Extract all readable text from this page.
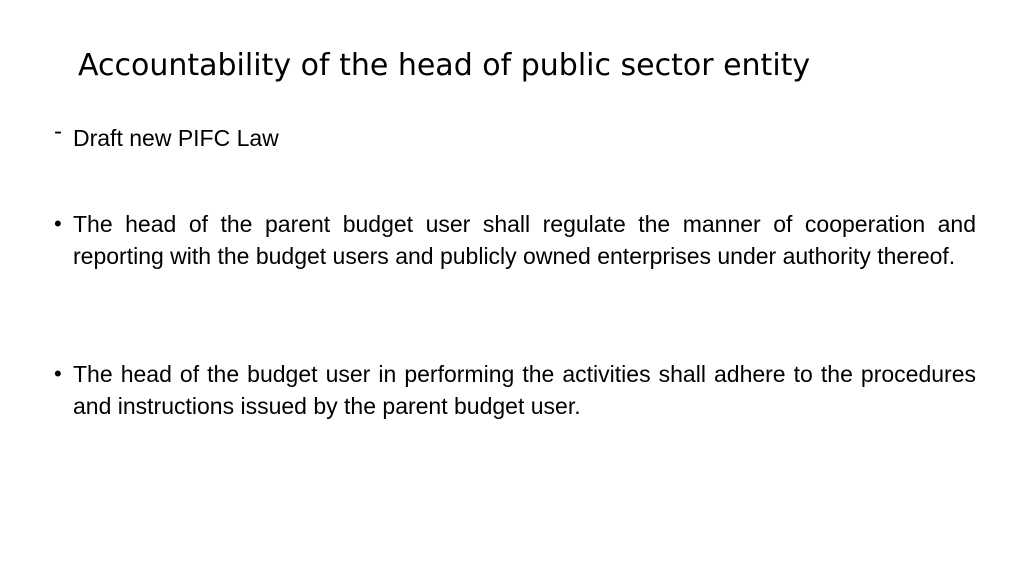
Accountability of the head of public sector entity
- Draft new PIFC Law
• The head of the parent budget user shall regulate the manner of cooperation and reporting with the budget users and publicly owned enterprises under authority thereof.
• The head of the budget user in performing the activities shall adhere to the procedures and instructions issued by the parent budget user.
